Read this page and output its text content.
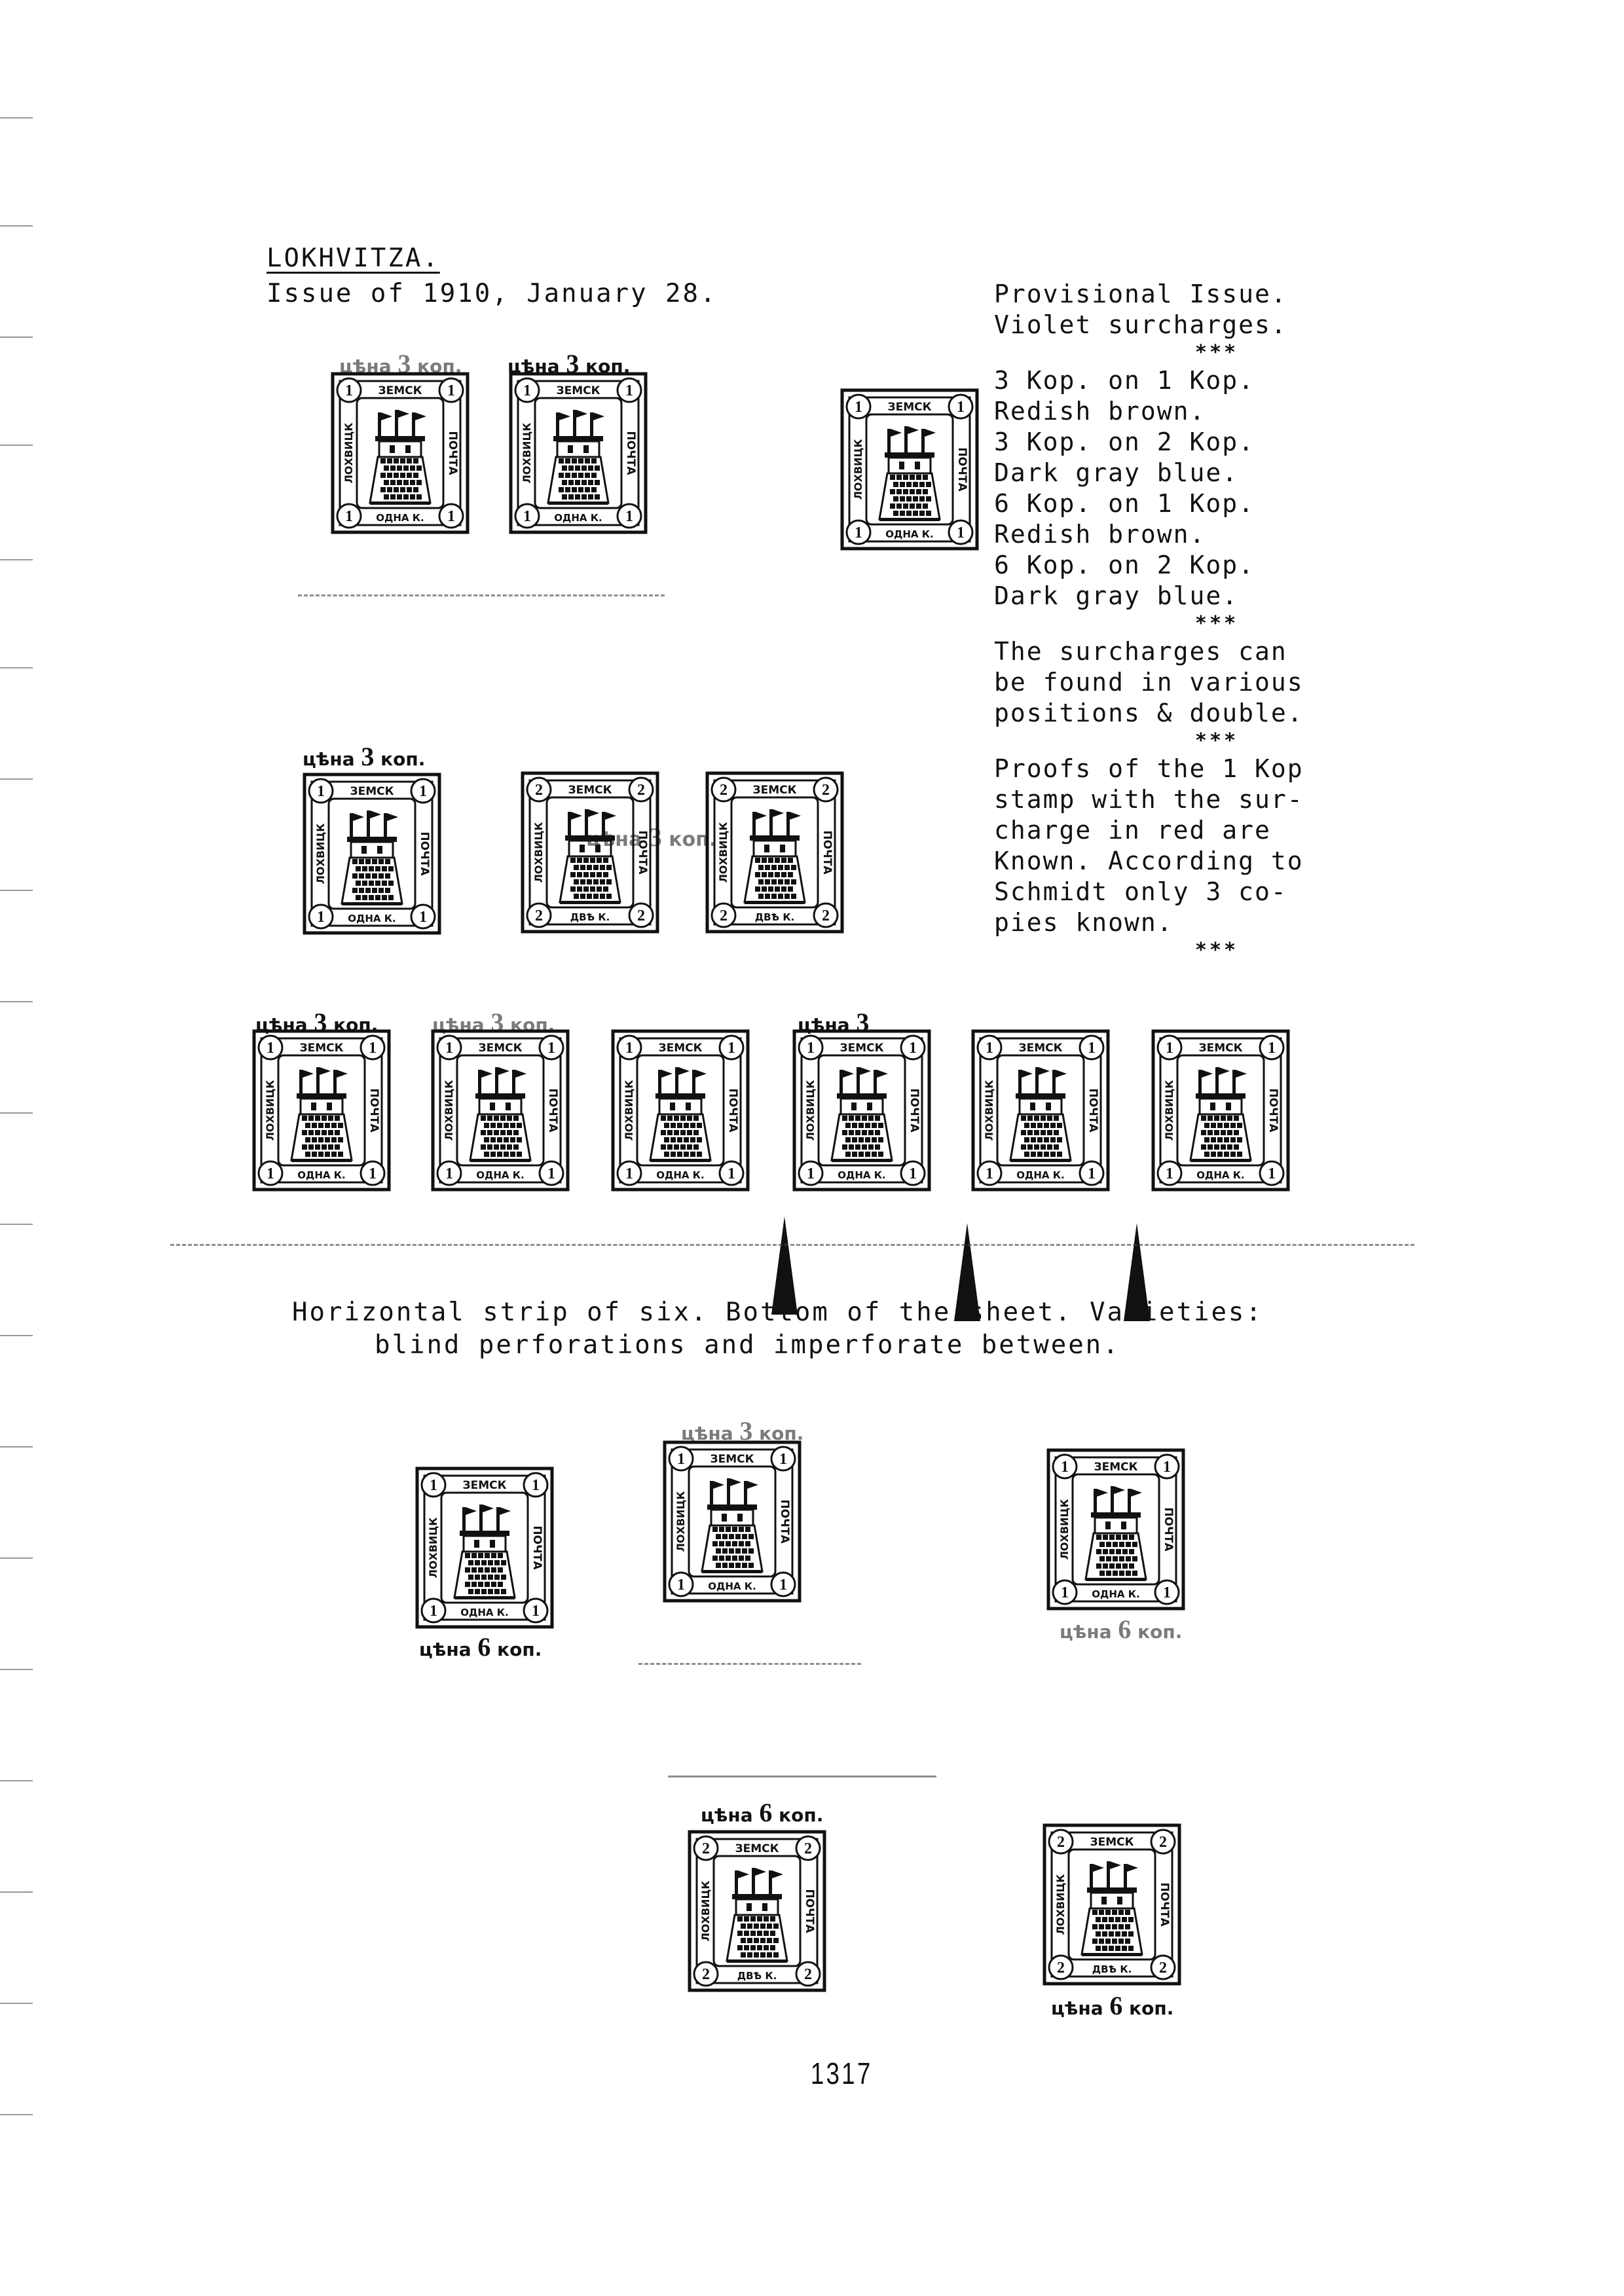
LOKHVITZA.
Issue of 1910, January 28.	Provisional Issue.
Violet surcharges.
***
3 Kop. on 1 Kop.
Redish brown.
3 Kop. on 2 Kop.
Dark gray blue.
6 Kop. on 1 Kop.
Redish brown.
6 Kop. on 2 Kop.
Dark gray blue.
***
The surcharges can
be found in various
positions & double.
***
Proofs of the 1 Kop
stamp with the sur-
charge in red are
Known. According to
Schmidt only 3 co-
pies known.
***
1	1
1	1
ЗЕМСК
ОДНА К.
ЛОХВИЦК	ПОЧТА
1	1
1	1
ЗЕМСК
ОДНА К.
ЛОХВИЦК	ПОЧТА
1	1
1	1
ЗЕМСК
ОДНА К.
ЛОХВИЦК	ПОЧТА
1	1
1	1
ЗЕМСК
ОДНА К.
ЛОХВИЦК	ПОЧТА
2	2
2	2
ЗЕМСК
ДВѢ К.
ЛОХВИЦК	ПОЧТА
2	2
2	2
ЗЕМСК
ДВѢ К.
ЛОХВИЦК	ПОЧТА
1	1
1	1
ЗЕМСК
ОДНА К.
ЛОХВИЦК	ПОЧТА
1	1
1	1
ЗЕМСК
ОДНА К.
ЛОХВИЦК	ПОЧТА
1	1
1	1
ЗЕМСК
ОДНА К.
ЛОХВИЦК	ПОЧТА
1	1
1	1
ЗЕМСК
ОДНА К.
ЛОХВИЦК	ПОЧТА
1	1
1	1
ЗЕМСК
ОДНА К.
ЛОХВИЦК	ПОЧТА
1	1
1	1
ЗЕМСК
ОДНА К.
ЛОХВИЦК	ПОЧТА
1	1
1	1
ЗЕМСК
ОДНА К.
ЛОХВИЦК	ПОЧТА
1	1
1	1
ЗЕМСК
ОДНА К.
ЛОХВИЦК	ПОЧТА
1	1
1	1
ЗЕМСК
ОДНА К.
ЛОХВИЦК	ПОЧТА
2	2
2	2
ЗЕМСК
ДВѢ К.
ЛОХВИЦК	ПОЧТА
2	2
2	2
ЗЕМСК
ДВѢ К.
ЛОХВИЦК	ПОЧТА
цѣна 3 коп. цѣна 3 коп.
цѣна 3 коп.
цѣна 3 коп.
цѣна 3 коп.	цѣна 3 коп.	цѣна 3
цѣна 3 коп.
цѣна 6 коп.
цѣна 6 коп.
цѣна 6 коп.
цѣна 6 коп.
Horizontal strip of six. Bottom of the sheet. Varieties:
blind perforations and imperforate between.
1317
